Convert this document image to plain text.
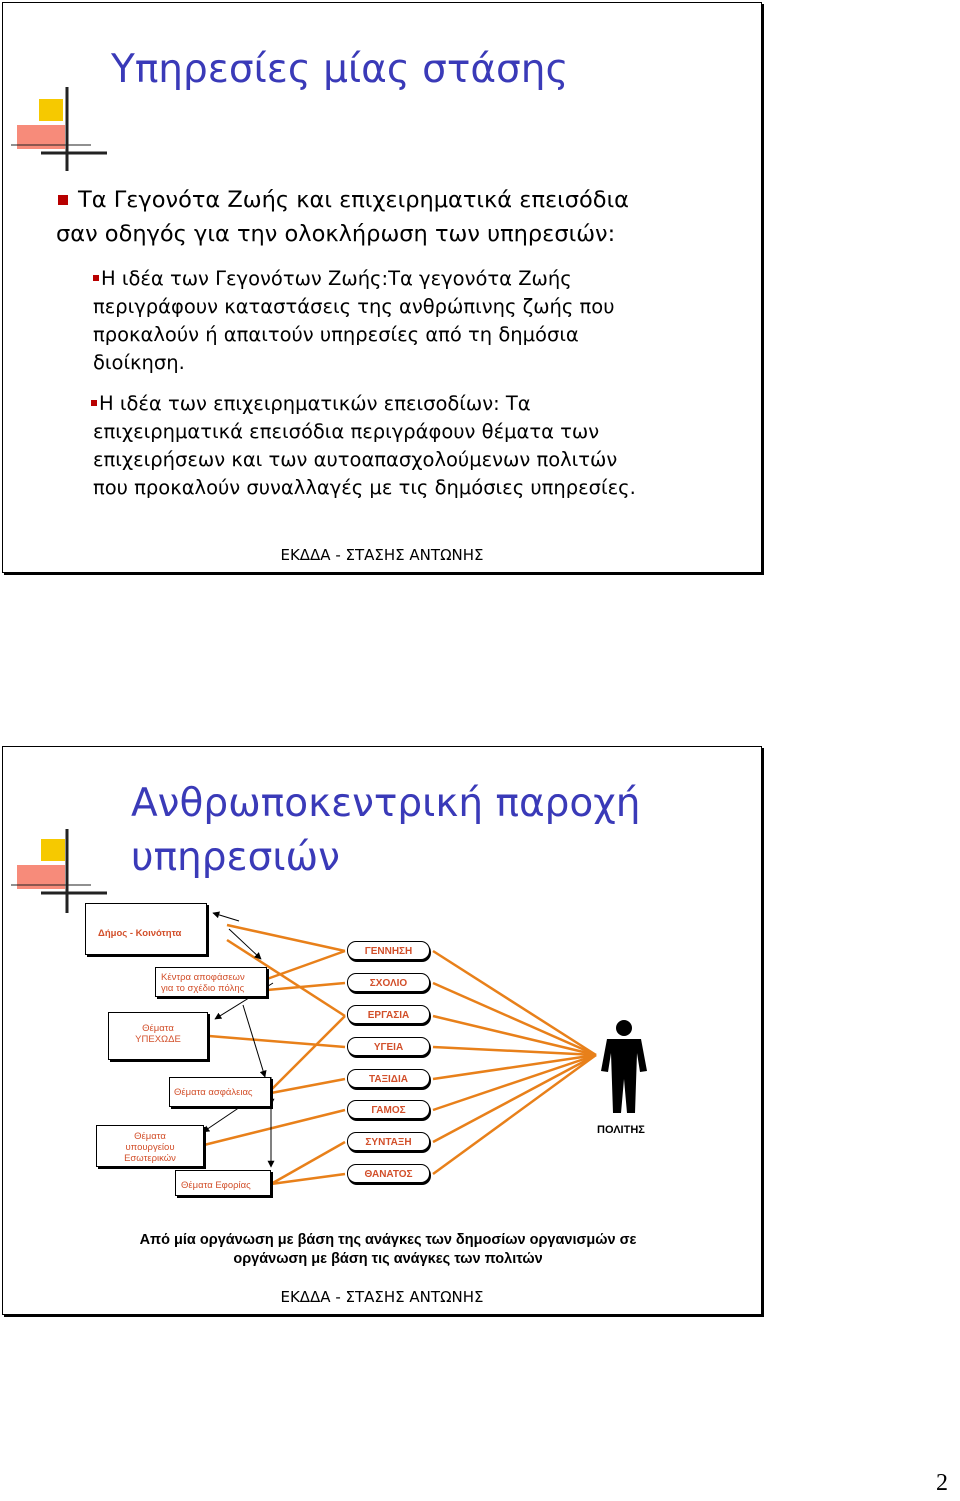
Υπηρεσίες μίας στάσης
Τα Γεγονότα Ζωής και επιχειρηματικά επεισόδια
σαν οδηγός για την ολοκλήρωση των υπηρεσιών:
Η ιδέα των Γεγονότων Ζωής:Τα γεγονότα Ζωής
περιγράφουν καταστάσεις της ανθρώπινης ζωής που
προκαλούν ή απαιτούν υπηρεσίες από τη δημόσια
διοίκηση.
Η ιδέα των επιχειρηματικών επεισοδίων: Τα
επιχειρηματικά επεισόδια περιγράφουν θέματα των
επιχειρήσεων και των αυτοαπασχολούμενων πολιτών
που προκαλούν συναλλαγές με τις δημόσιες υπηρεσίες.
ΕΚΔΔΑ - ΣΤΑΣΗΣ ΑΝΤΩΝΗΣ
Ανθρωποκεντρική παροχή
υπηρεσιών
Δήμος - Κοινότητα
Κέντρα αποφάσεων
για το σχέδιο πόλης
Θέματα
ΥΠΕΧΩΔΕ
Θέματα ασφάλειας
Θέματα
υπουργείου
Εσωτερικών
Θέματα Εφορίας
ΓΕΝΝΗΣΗ
ΣΧΟΛΙΟ
ΕΡΓΑΣΙΑ
ΥΓΕΙΑ
ΤΑΞΙΔΙΑ
ΓΑΜΟΣ
ΣΥΝΤΑΞΗ
ΘΑΝΑΤΟΣ
ΠΟΛΙΤΗΣ
Από μία οργάνωση με βάση της ανάγκες των δημοσίων οργανισμών σε
οργάνωση με βάση τις ανάγκες των πολιτών
ΕΚΔΔΑ - ΣΤΑΣΗΣ ΑΝΤΩΝΗΣ
2
